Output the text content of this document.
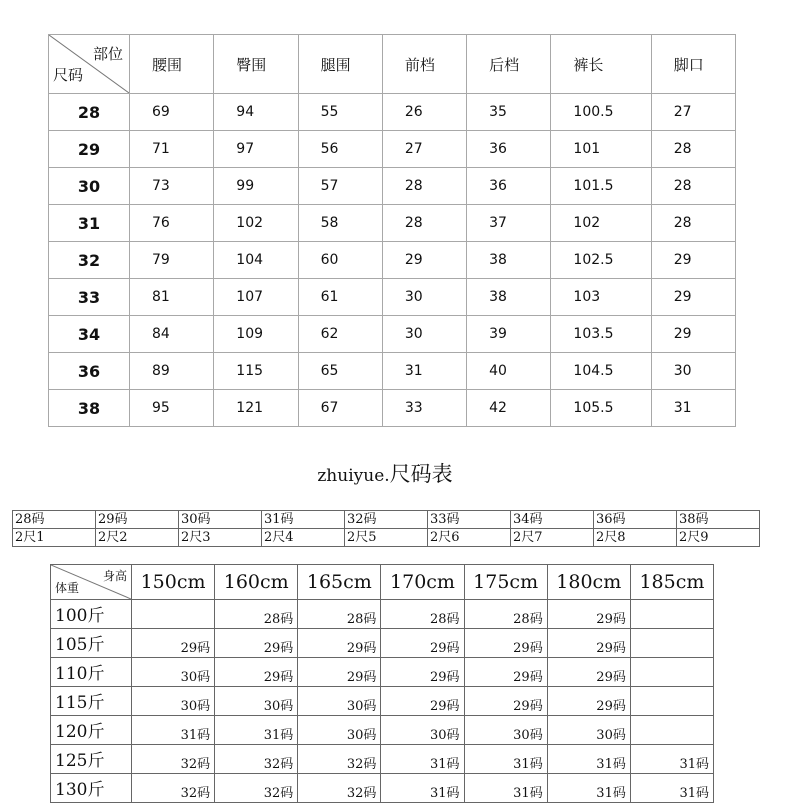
部位
尺码	腰围	臀围	腿围	前档	后档	裤长	脚口
28	69	94	55	26	35	100.5	27
29	71	97	56	27	36	101	28
30	73	99	57	28	36	101.5	28
31	76	102	58	28	37	102	28
32	79	104	60	29	38	102.5	29
33	81	107	61	30	38	103	29
34	84	109	62	30	39	103.5	29
36	89	115	65	31	40	104.5	30
38	95	121	67	33	42	105.5	31
zhuiyue.尺码表
28码	29码	30码	31码	32码	33码	34码	36码	38码
2尺1	2尺2	2尺3	2尺4	2尺5	2尺6	2尺7	2尺8	2尺9
身高
体重	150cm	160cm	165cm	170cm	175cm	180cm	185cm
100斤		28码	28码	28码	28码	29码	
105斤	29码	29码	29码	29码	29码	29码	
110斤	30码	29码	29码	29码	29码	29码	
115斤	30码	30码	30码	29码	29码	29码	
120斤	31码	31码	30码	30码	30码	30码	
125斤	32码	32码	32码	31码	31码	31码	31码
130斤	32码	32码	32码	31码	31码	31码	31码
